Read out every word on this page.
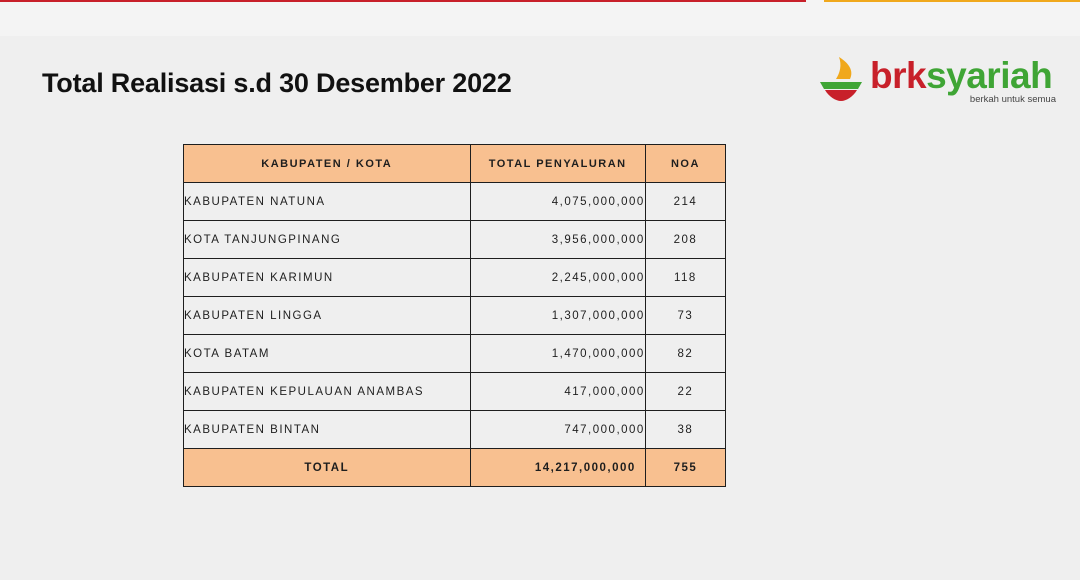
Total Realisasi s.d 30 Desember 2022	brksyariah
berkah untuk semua
KABUPATEN / KOTA	TOTAL PENYALURAN	NOA
KABUPATEN NATUNA	4,075,000,000	214
KOTA TANJUNGPINANG	3,956,000,000	208
KABUPATEN KARIMUN	2,245,000,000	118
KABUPATEN LINGGA	1,307,000,000	73
KOTA BATAM	1,470,000,000	82
KABUPATEN KEPULAUAN ANAMBAS	417,000,000	22
KABUPATEN BINTAN	747,000,000	38
TOTAL	14,217,000,000	755
